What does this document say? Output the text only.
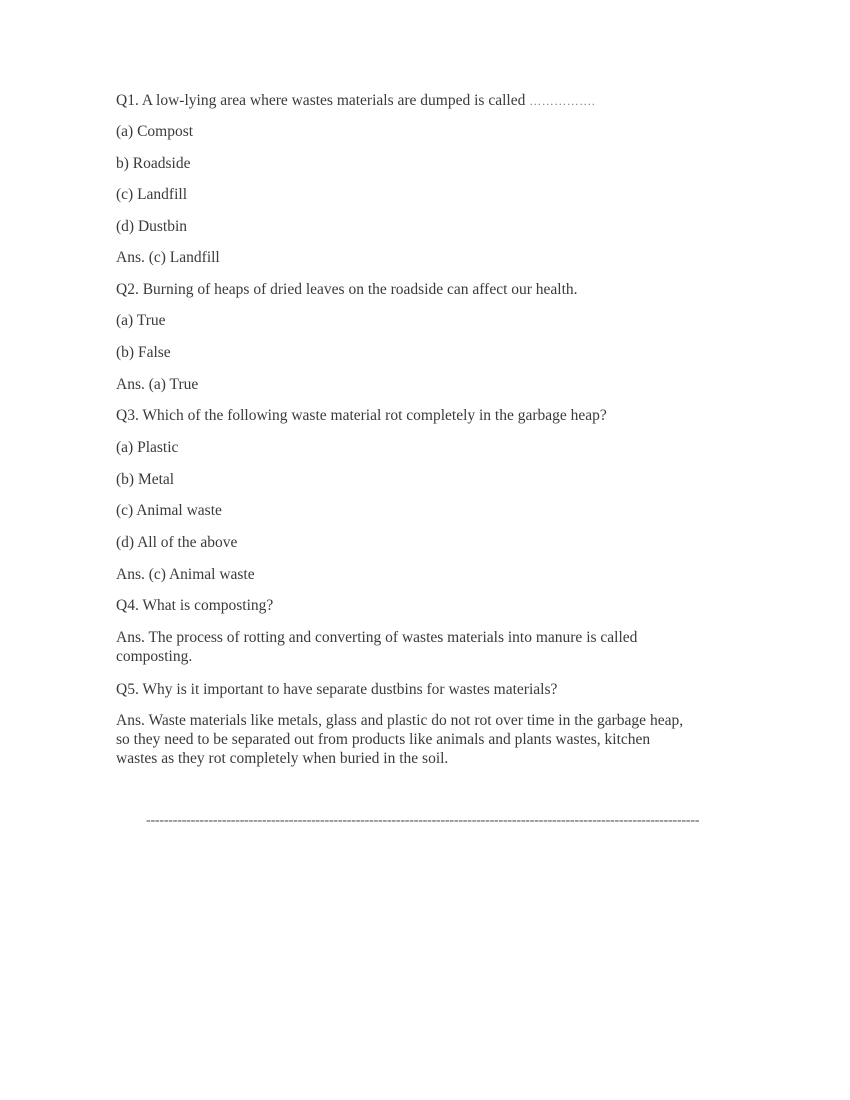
Q1. A low-lying area where wastes materials are dumped is called …………….
(a) Compost
b) Roadside
(c) Landfill
(d) Dustbin
Ans. (c) Landfill
Q2. Burning of heaps of dried leaves on the roadside can affect our health.
(a) True
(b) False
Ans. (a) True
Q3. Which of the following waste material rot completely in the garbage heap?
(a) Plastic
(b) Metal
(c) Animal waste
(d) All of the above
Ans. (c) Animal waste
Q4. What is composting?
Ans. The process of rotting and converting of wastes materials into manure is called
composting.
Q5. Why is it important to have separate dustbins for wastes materials?
Ans. Waste materials like metals, glass and plastic do not rot over time in the garbage heap,
so they need to be separated out from products like animals and plants wastes, kitchen
wastes as they rot completely when buried in the soil.
----------------------------------------------------------------------------------------------------------------------------
